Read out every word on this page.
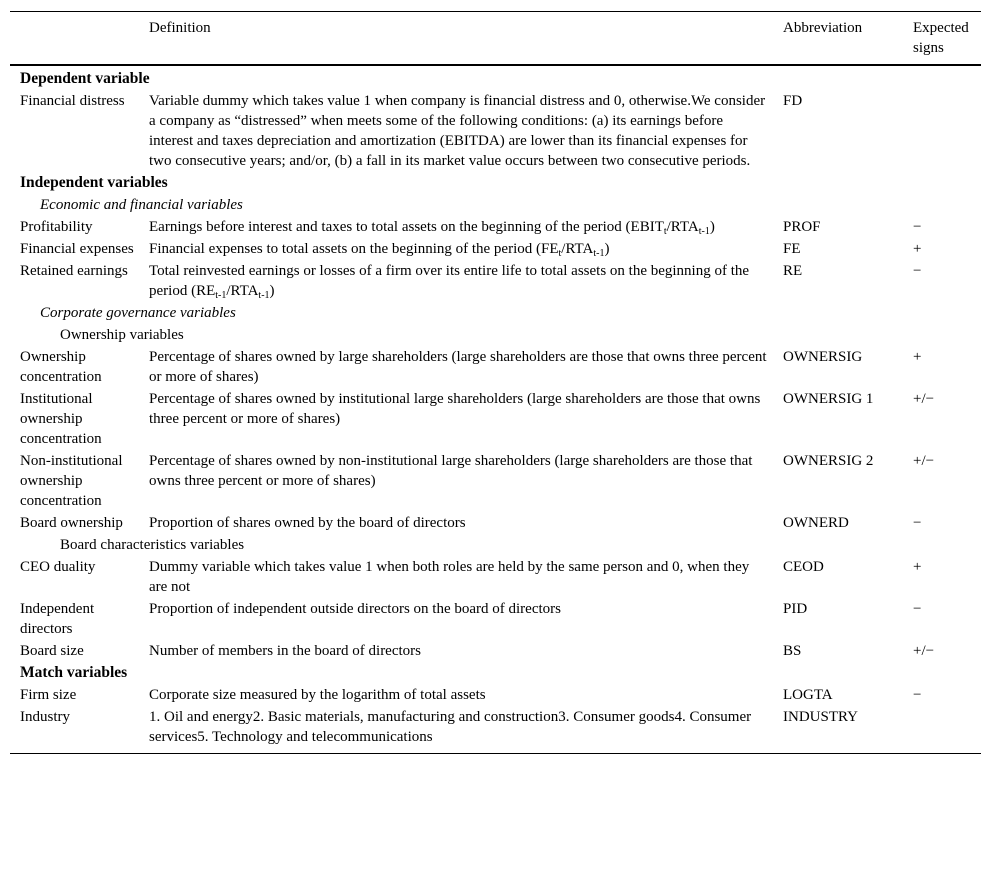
	Definition	Abbreviation	Expected signs
Dependent variable			
Financial distress	Variable dummy which takes value 1 when company is financial distress and 0, otherwise.We consider a company as “distressed” when meets some of the following conditions: (a) its earnings before interest and taxes depreciation and amortization (EBITDA) are lower than its financial expenses for two consecutive years; and/or, (b) a fall in its market value occurs between two consecutive periods.	FD	
Independent variables			
Economic and financial variables			
Profitability	Earnings before interest and taxes to total assets on the beginning of the period $(EBIT_t/RTA_{t-1})$	PROF	−
Financial expenses	Financial expenses to total assets on the beginning of the period $(FE_t/RTA_{t-1})$	FE	+
Retained earnings	Total reinvested earnings or losses of a firm over its entire life to total assets on the beginning of the period $(RE_{t-1}/RTA_{t-1})$	RE	−
Corporate governance variables			
Ownership variables			
Ownership concentration	Percentage of shares owned by large shareholders (large shareholders are those that owns three percent or more of shares)	OWNERSIG	+
Institutional ownership concentration	Percentage of shares owned by institutional large shareholders (large shareholders are those that owns three percent or more of shares)	OWNERSIG 1	+/−
Non-institutional ownership concentration	Percentage of shares owned by non-institutional large shareholders (large shareholders are those that owns three percent or more of shares)	OWNERSIG 2	+/−
Board ownership	Proportion of shares owned by the board of directors	OWNERD	−
Board characteristics variables			
CEO duality	Dummy variable which takes value 1 when both roles are held by the same person and 0, when they are not	CEOD	+
Independent directors	Proportion of independent outside directors on the board of directors	PID	−
Board size	Number of members in the board of directors	BS	+/−
Match variables			
Firm size	Corporate size measured by the logarithm of total assets	LOGTA	−
Industry	1. Oil and energy2. Basic materials, manufacturing and construction3. Consumer goods4. Consumer services5. Technology and telecommunications	INDUSTRY	
